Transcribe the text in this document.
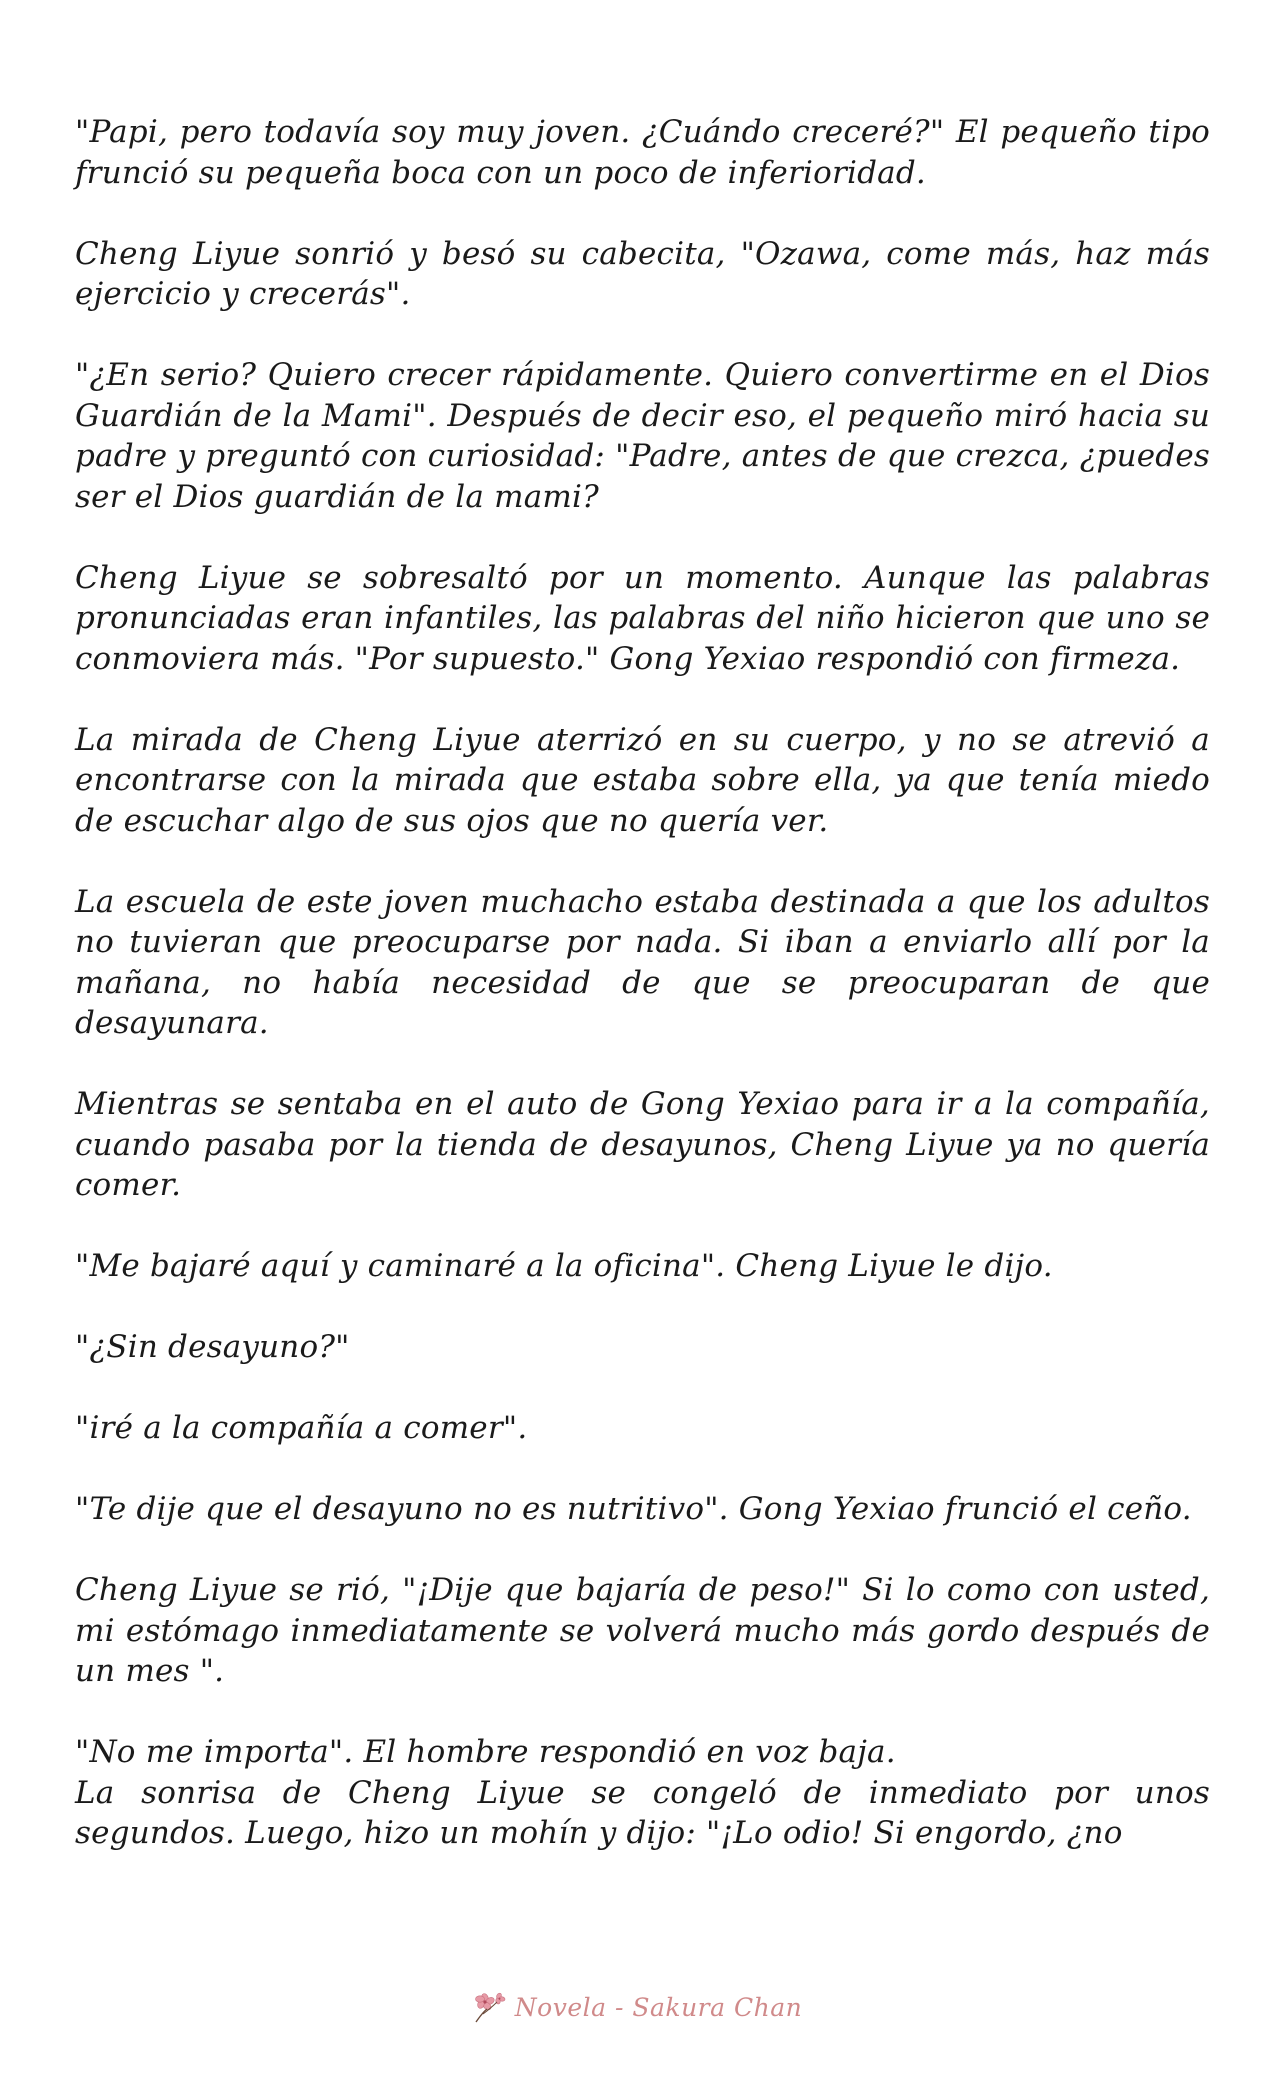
"Papi, pero todavía soy muy joven. ¿Cuándo creceré?" El pequeño tipo frunció su pequeña boca con un poco de inferioridad.

Cheng Liyue sonrió y besó su cabecita, "Ozawa, come más, haz más ejercicio y crecerás".

"¿En serio? Quiero crecer rápidamente. Quiero convertirme en el Dios Guardián de la Mami". Después de decir eso, el pequeño miró hacia su padre y preguntó con curiosidad: "Padre, antes de que crezca, ¿puedes ser el Dios guardián de la mami?

Cheng Liyue se sobresaltó por un momento. Aunque las palabras pronunciadas eran infantiles, las palabras del niño hicieron que uno se conmoviera más. "Por supuesto." Gong Yexiao respondió con firmeza.

La mirada de Cheng Liyue aterrizó en su cuerpo, y no se atrevió a encontrarse con la mirada que estaba sobre ella, ya que tenía miedo de escuchar algo de sus ojos que no quería ver.

La escuela de este joven muchacho estaba destinada a que los adultos no tuvieran que preocuparse por nada. Si iban a enviarlo allí por la mañana, no había necesidad de que se preocuparan de que desayunara.

Mientras se sentaba en el auto de Gong Yexiao para ir a la compañía, cuando pasaba por la tienda de desayunos, Cheng Liyue ya no quería comer.

"Me bajaré aquí y caminaré a la oficina". Cheng Liyue le dijo.

"¿Sin desayuno?"

"iré a la compañía a comer".

"Te dije que el desayuno no es nutritivo". Gong Yexiao frunció el ceño.

Cheng Liyue se rió, "¡Dije que bajaría de peso!" Si lo como con usted, mi estómago inmediatamente se volverá mucho más gordo después de un mes ".

"No me importa". El hombre respondió en voz baja.

La sonrisa de Cheng Liyue se congeló de inmediato por unos segundos. Luego, hizo un mohín y dijo: "¡Lo odio! Si engordo, ¿no

Novela - Sakura Chan
